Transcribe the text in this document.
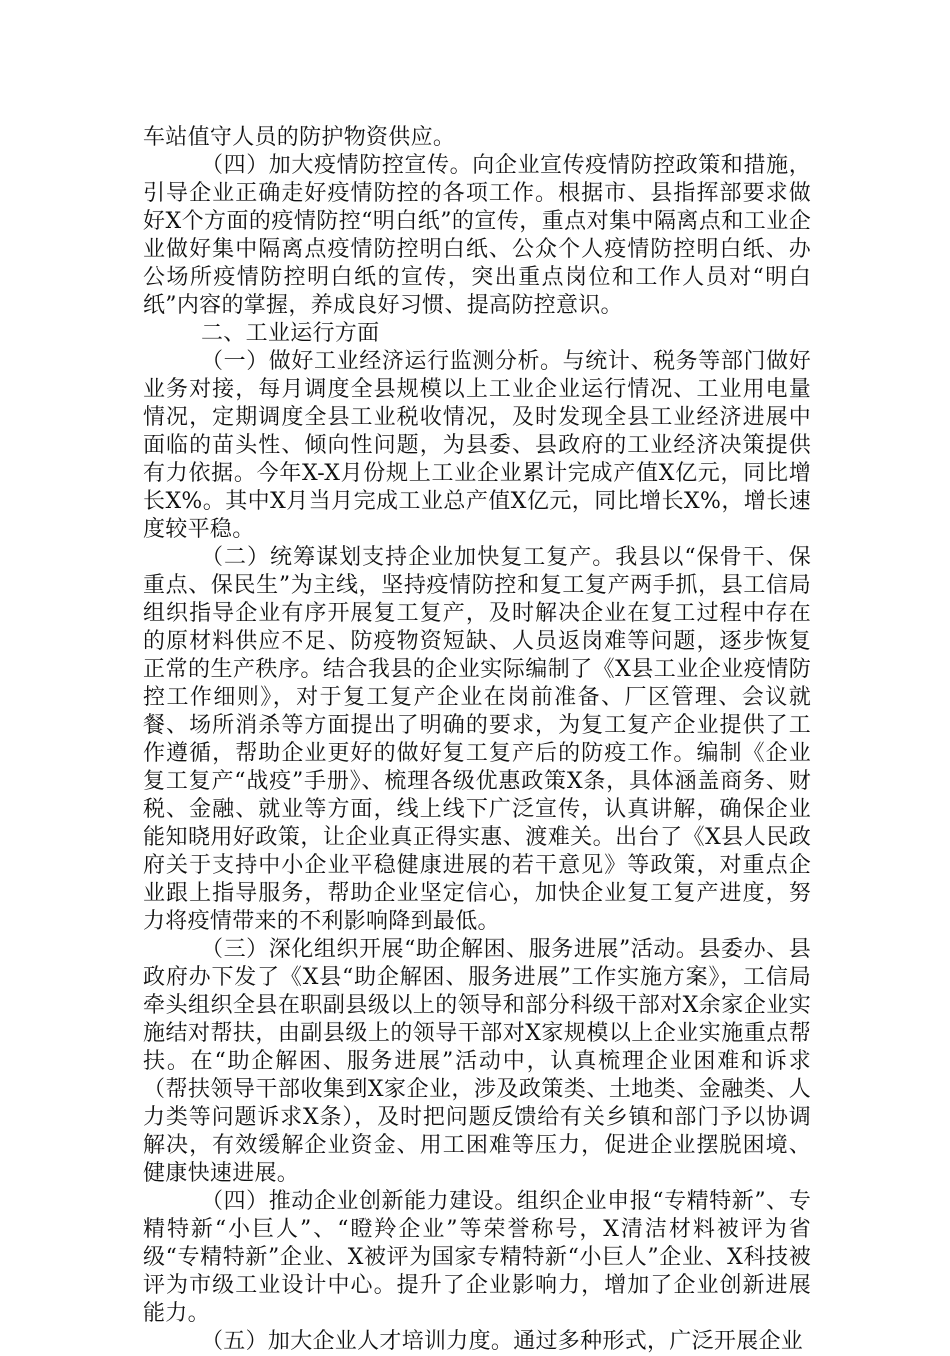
车站值守人员的防护物资供应。

（四）加大疫情防控宣传。向企业宣传疫情防控政策和措施，引导企业正确走好疫情防控的各项工作。根据市、县指挥部要求做好X个方面的疫情防控“明白纸”的宣传，重点对集中隔离点和工业企业做好集中隔离点疫情防控明白纸、公众个人疫情防控明白纸、办公场所疫情防控明白纸的宣传，突出重点岗位和工作人员对“明白纸”内容的掌握，养成良好习惯、提高防控意识。

二、工业运行方面

（一）做好工业经济运行监测分析。与统计、税务等部门做好业务对接，每月调度全县规模以上工业企业运行情况、工业用电量情况，定期调度全县工业税收情况，及时发现全县工业经济进展中面临的苗头性、倾向性问题，为县委、县政府的工业经济决策提供有力依据。今年X-X月份规上工业企业累计完成产值X亿元，同比增长X%。其中X月当月完成工业总产值X亿元，同比增长X%，增长速度较平稳。

（二）统筹谋划支持企业加快复工复产。我县以“保骨干、保重点、保民生”为主线，坚持疫情防控和复工复产两手抓，县工信局组织指导企业有序开展复工复产，及时解决企业在复工过程中存在的原材料供应不足、防疫物资短缺、人员返岗难等问题，逐步恢复正常的生产秩序。结合我县的企业实际编制了《X县工业企业疫情防控工作细则》，对于复工复产企业在岗前准备、厂区管理、会议就餐、场所消杀等方面提出了明确的要求，为复工复产企业提供了工作遵循，帮助企业更好的做好复工复产后的防疫工作。编制《企业复工复产“战疫”手册》、梳理各级优惠政策X条，具体涵盖商务、财税、金融、就业等方面，线上线下广泛宣传，认真讲解，确保企业能知晓用好政策，让企业真正得实惠、渡难关。出台了《X县人民政府关于支持中小企业平稳健康进展的若干意见》等政策，对重点企业跟上指导服务，帮助企业坚定信心，加快企业复工复产进度，努力将疫情带来的不利影响降到最低。

（三）深化组织开展“助企解困、服务进展”活动。县委办、县政府办下发了《X县“助企解困、服务进展”工作实施方案》，工信局牵头组织全县在职副县级以上的领导和部分科级干部对X余家企业实施结对帮扶，由副县级上的领导干部对X家规模以上企业实施重点帮扶。在“助企解困、服务进展”活动中，认真梳理企业困难和诉求（帮扶领导干部收集到X家企业，涉及政策类、土地类、金融类、人力类等问题诉求X条），及时把问题反馈给有关乡镇和部门予以协调解决，有效缓解企业资金、用工困难等压力，促进企业摆脱困境、健康快速进展。

（四）推动企业创新能力建设。组织企业申报“专精特新”、专精特新“小巨人”、“瞪羚企业”等荣誉称号，X清洁材料被评为省级“专精特新”企业、X被评为国家专精特新“小巨人”企业、X科技被评为市级工业设计中心。提升了企业影响力，增加了企业创新进展能力。

（五）加大企业人才培训力度。通过多种形式，广泛开展企业
